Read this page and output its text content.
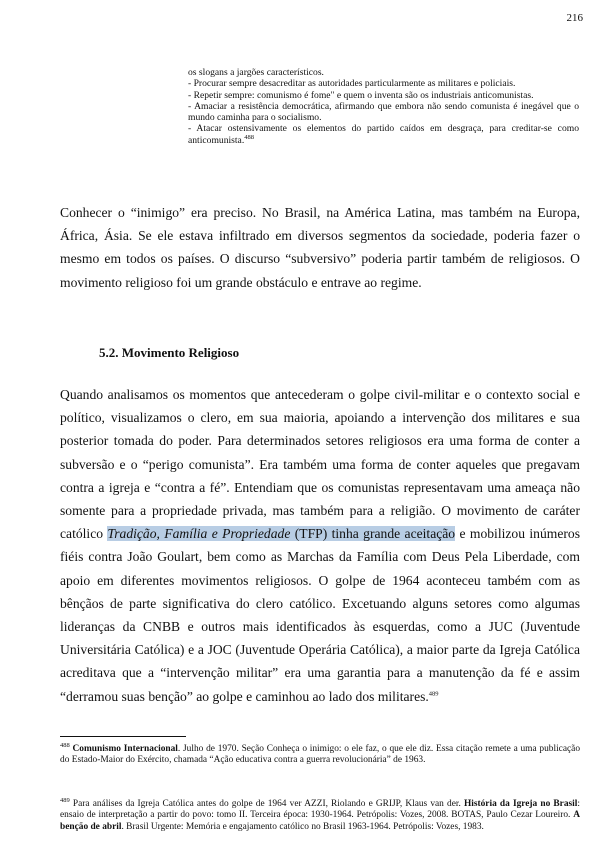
216
os slogans a jargões característicos.
- Procurar sempre desacreditar as autoridades particularmente as militares e policiais.
- Repetir sempre: comunismo é fome" e quem o inventa são os industriais anticomunistas.
- Amaciar a resistência democrática, afirmando que embora não sendo comunista é inegável que o mundo caminha para o socialismo.
- Atacar ostensivamente os elementos do partido caídos em desgraça, para creditar-se como anticomunista.$^{488}$
Conhecer o “inimigo” era preciso. No Brasil, na América Latina, mas também na Europa, África, Ásia. Se ele estava infiltrado em diversos segmentos da sociedade, poderia fazer o mesmo em todos os países. O discurso “subversivo” poderia partir também de religiosos. O movimento religioso foi um grande obstáculo e entrave ao regime.
5.2. Movimento Religioso
Quando analisamos os momentos que antecederam o golpe civil-militar e o contexto social e político, visualizamos o clero, em sua maioria, apoiando a intervenção dos militares e sua posterior tomada do poder. Para determinados setores religiosos era uma forma de conter a subversão e o “perigo comunista”. Era também uma forma de conter aqueles que pregavam contra a igreja e “contra a fé”. Entendiam que os comunistas representavam uma ameaça não somente para a propriedade privada, mas também para a religião. O movimento de caráter católico Tradição, Família e Propriedade (TFP) tinha grande aceitação e mobilizou inúmeros fiéis contra João Goulart, bem como as Marchas da Família com Deus Pela Liberdade, com apoio em diferentes movimentos religiosos. O golpe de 1964 aconteceu também com as bênçãos de parte significativa do clero católico. Excetuando alguns setores como algumas lideranças da CNBB e outros mais identificados às esquerdas, como a JUC (Juventude Universitária Católica) e a JOC (Juventude Operária Católica), a maior parte da Igreja Católica acreditava que a “intervenção militar” era uma garantia para a manutenção da fé e assim “derramou suas benção” ao golpe e caminhou ao lado dos militares.$^{489}$
$^{488}$ Comunismo Internacional. Julho de 1970. Seção Conheça o inimigo: o ele faz, o que ele diz. Essa citação remete a uma publicação do Estado-Maior do Exército, chamada “Ação educativa contra a guerra revolucionária” de 1963.
$^{489}$ Para análises da Igreja Católica antes do golpe de 1964 ver AZZI, Riolando e GRIJP, Klaus van der. História da Igreja no Brasil: ensaio de interpretação a partir do povo: tomo II. Terceira época: 1930-1964. Petrópolis: Vozes, 2008. BOTAS, Paulo Cezar Loureiro. A benção de abril. Brasil Urgente: Memória e engajamento católico no Brasil 1963-1964. Petrópolis: Vozes, 1983.
